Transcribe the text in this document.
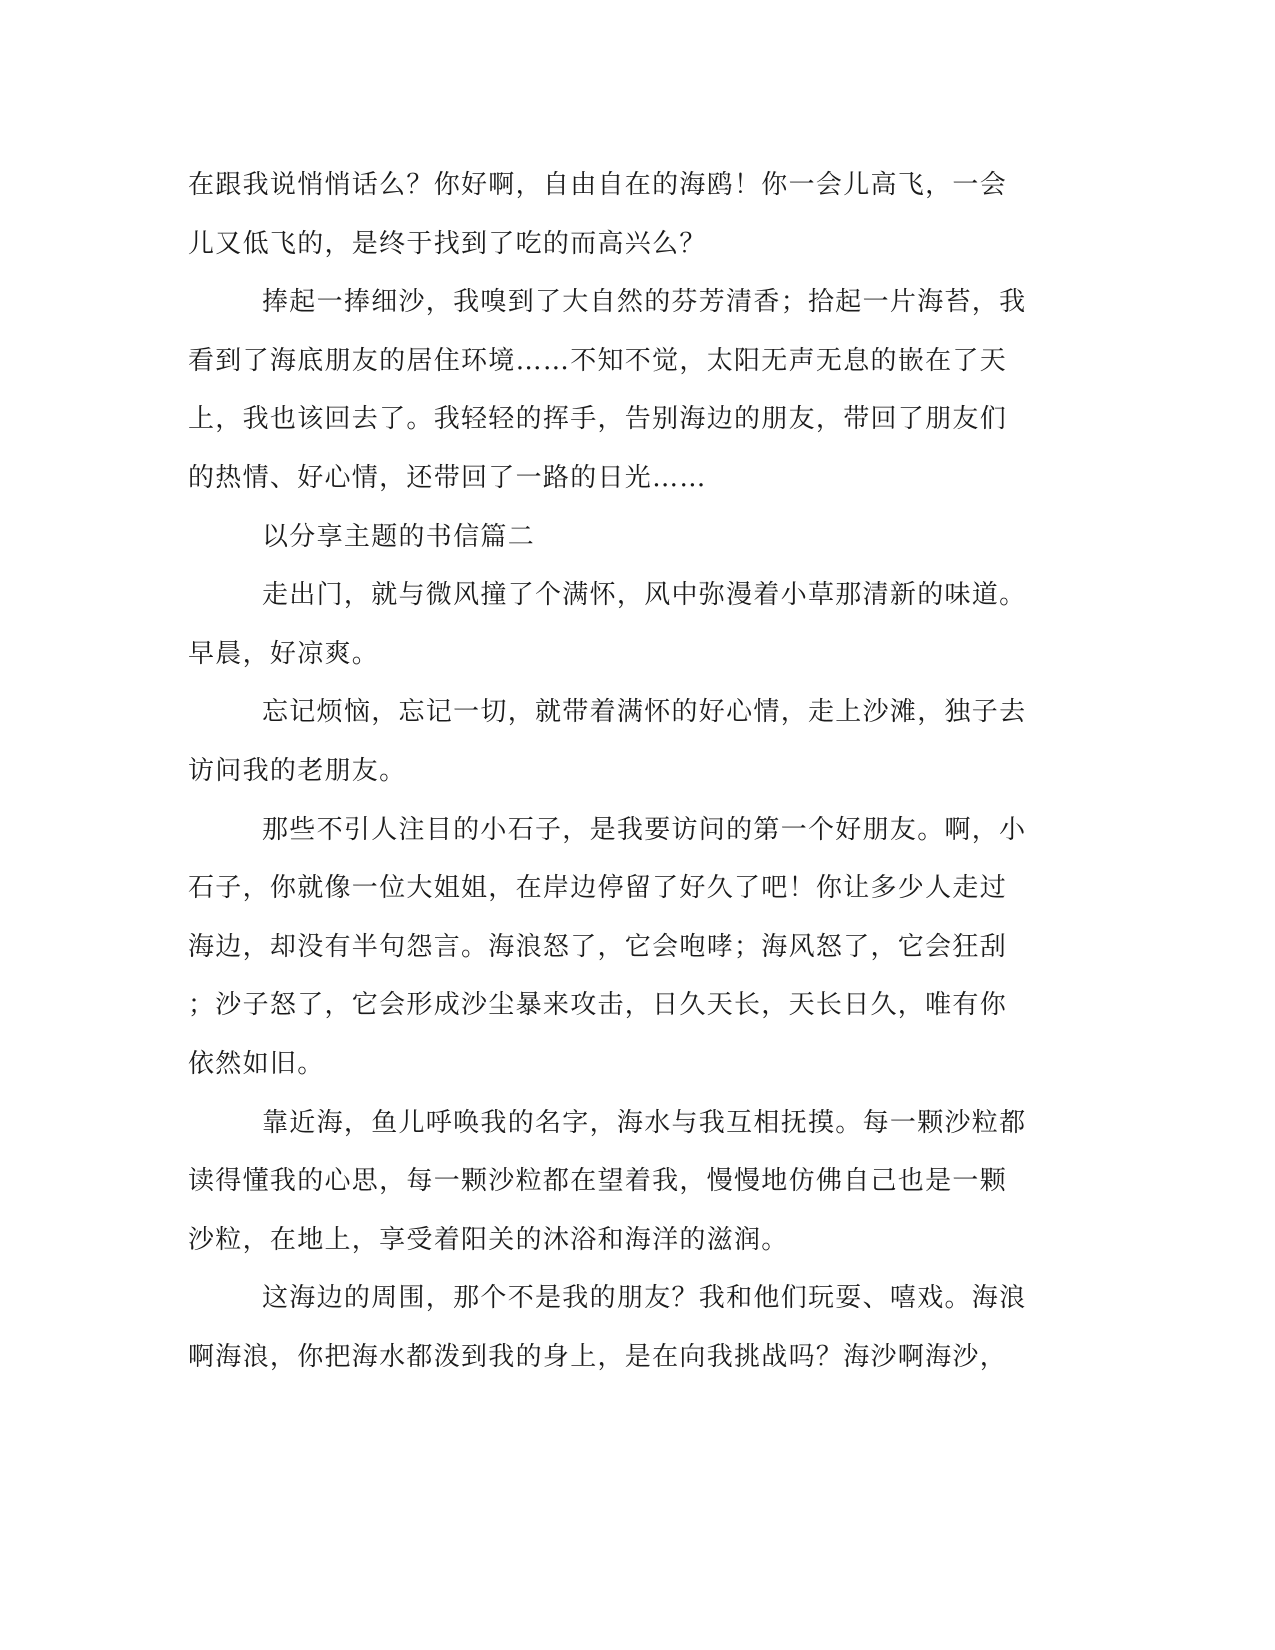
在跟我说悄悄话么？你好啊，自由自在的海鸥！你一会儿高飞，一会
儿又低飞的，是终于找到了吃的而高兴么？

捧起一捧细沙，我嗅到了大自然的芬芳清香；拾起一片海苔，我
看到了海底朋友的居住环境……不知不觉，太阳无声无息的嵌在了天
上，我也该回去了。我轻轻的挥手，告别海边的朋友，带回了朋友们
的热情、好心情，还带回了一路的日光……

以分享主题的书信篇二

走出门，就与微风撞了个满怀，风中弥漫着小草那清新的味道。
早晨，好凉爽。

忘记烦恼，忘记一切，就带着满怀的好心情，走上沙滩，独子去
访问我的老朋友。

那些不引人注目的小石子，是我要访问的第一个好朋友。啊，小
石子，你就像一位大姐姐，在岸边停留了好久了吧！你让多少人走过
海边，却没有半句怨言。海浪怒了，它会咆哮；海风怒了，它会狂刮
；沙子怒了，它会形成沙尘暴来攻击，日久天长，天长日久，唯有你
依然如旧。

靠近海，鱼儿呼唤我的名字，海水与我互相抚摸。每一颗沙粒都
读得懂我的心思，每一颗沙粒都在望着我，慢慢地仿佛自己也是一颗
沙粒，在地上，享受着阳关的沐浴和海洋的滋润。

这海边的周围，那个不是我的朋友？我和他们玩耍、嘻戏。海浪
啊海浪，你把海水都泼到我的身上，是在向我挑战吗？海沙啊海沙，
